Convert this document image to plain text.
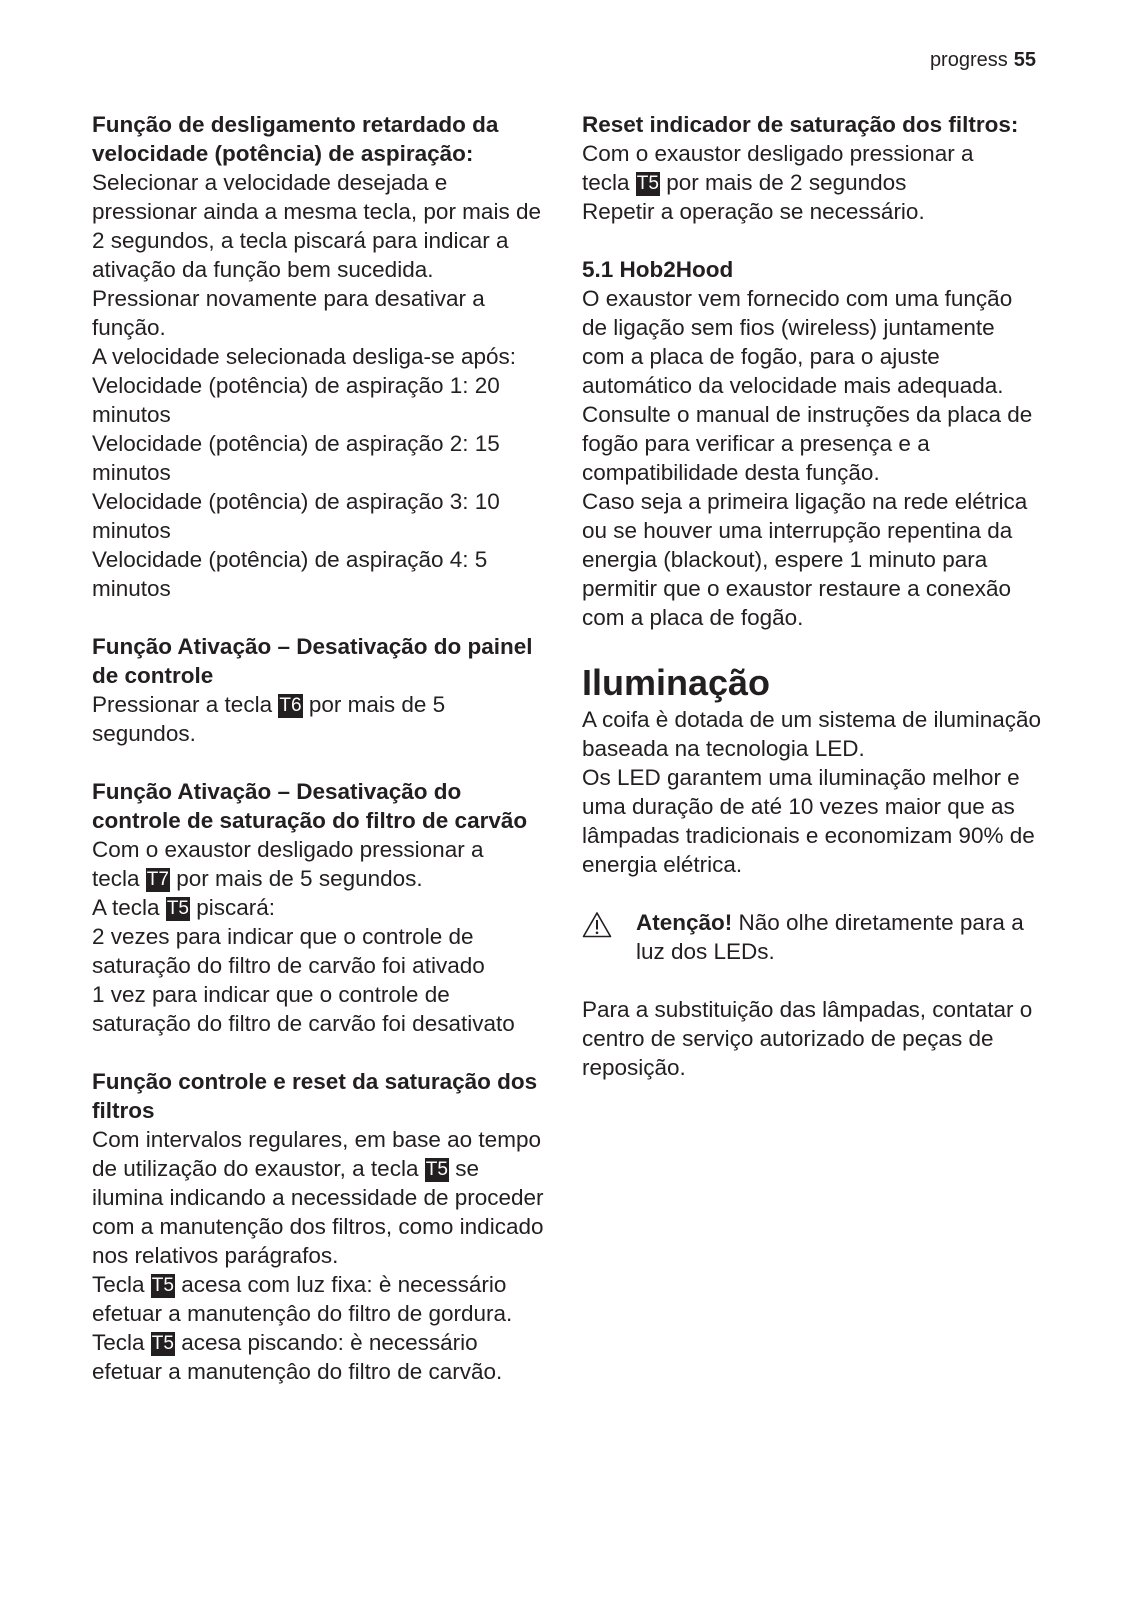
progress 55

Função de desligamento retardado da velocidade (potência) de aspiração:

Selecionar a velocidade desejada e pressionar ainda a mesma tecla, por mais de 2 segundos, a tecla piscará para indicar a ativação da função bem sucedida.

Pressionar novamente para desativar a função.

A velocidade selecionada desliga-se após:

Velocidade (potência) de aspiração 1: 20 minutos

Velocidade (potência) de aspiração 2: 15 minutos

Velocidade (potência) de aspiração 3: 10 minutos

Velocidade (potência) de aspiração 4: 5 minutos

Função Ativação – Desativação do painel de controle

Pressionar a tecla T6 por mais de 5 segundos.

Função Ativação – Desativação do controle de saturação do filtro de carvão

Com o exaustor desligado pressionar a

tecla T7 por mais de 5 segundos.

A tecla T5 piscará:

2 vezes para indicar que o controle de saturação do filtro de carvão foi ativado

1 vez para indicar que o controle de saturação do filtro de carvão foi desativato

Função controle e reset da saturação dos filtros

Com intervalos regulares, em base ao tempo de utilização do exaustor, a tecla T5 se ilumina indicando a necessidade de proceder com a manutenção dos filtros, como indicado nos relativos parágrafos.

Tecla T5 acesa com luz fixa: è necessário efetuar a manutençâo do filtro de gordura.

Tecla T5 acesa piscando: è necessário efetuar a manutençâo do filtro de carvão.

Reset indicador de saturação dos filtros:

Com o exaustor desligado pressionar a

tecla T5 por mais de 2 segundos

Repetir a operação se necessário.

5.1 Hob2Hood

O exaustor vem fornecido com uma função de ligação sem fios (wireless) juntamente com a placa de fogão, para o ajuste automático da velocidade mais adequada. Consulte o manual de instruções da placa de fogão para verificar a presença e a compatibilidade desta função.

Caso seja a primeira ligação na rede elétrica ou se houver uma interrupção repentina da energia (blackout), espere 1 minuto para permitir que o exaustor restaure a conexão com a placa de fogão.

Iluminação

A coifa è dotada de um sistema de iluminação baseada na tecnologia LED.

Os LED garantem uma iluminação melhor e uma duração de até 10 vezes maior que as lâmpadas tradicionais e economizam 90% de energia elétrica.

Atenção! Não olhe diretamente para a luz dos LEDs.

Para a substituição das lâmpadas, contatar o centro de serviço autorizado de peças de reposição.
